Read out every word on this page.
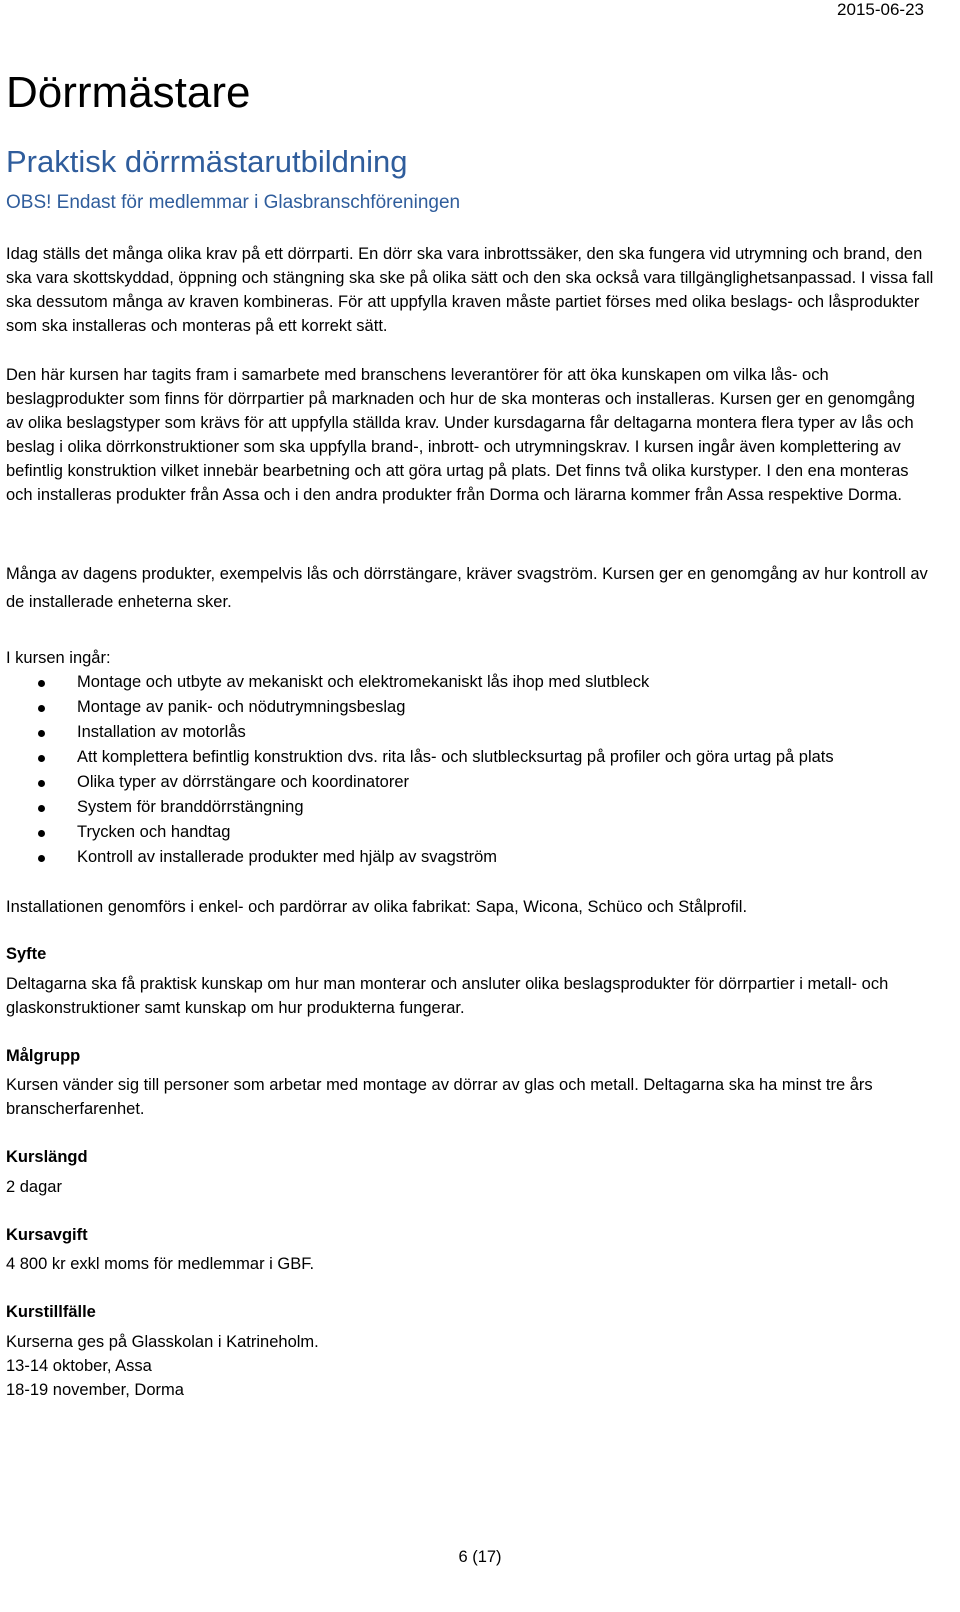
2015-06-23
Dörrmästare
Praktisk dörrmästarutbildning
OBS! Endast för medlemmar i Glasbranschföreningen

Idag ställs det många olika krav på ett dörrparti. En dörr ska vara inbrottssäker, den ska fungera vid utrymning och brand, den ska vara skottskyddad, öppning och stängning ska ske på olika sätt och den ska också vara tillgänglighetsanpassad. I vissa fall ska dessutom många av kraven kombineras. För att uppfylla kraven måste partiet förses med olika beslags- och låsprodukter som ska installeras och monteras på ett korrekt sätt.

Den här kursen har tagits fram i samarbete med branschens leverantörer för att öka kunskapen om vilka lås- och beslagprodukter som finns för dörrpartier på marknaden och hur de ska monteras och installeras. Kursen ger en genomgång av olika beslagstyper som krävs för att uppfylla ställda krav. Under kursdagarna får deltagarna montera flera typer av lås och beslag i olika dörrkonstruktioner som ska uppfylla brand-, inbrott- och utrymningskrav. I kursen ingår även komplettering av befintlig konstruktion vilket innebär bearbetning och att göra urtag på plats. Det finns två olika kurstyper. I den ena monteras och installeras produkter från Assa och i den andra produkter från Dorma och lärarna kommer från Assa respektive Dorma.

Många av dagens produkter, exempelvis lås och dörrstängare, kräver svagström. Kursen ger en genomgång av hur kontroll av de installerade enheterna sker.

I kursen ingår:
Montage och utbyte av mekaniskt och elektromekaniskt lås ihop med slutbleck
Montage av panik- och nödutrymningsbeslag
Installation av motorlås
Att komplettera befintlig konstruktion dvs. rita lås- och slutblecksurtag på profiler och göra urtag på plats
Olika typer av dörrstängare och koordinatorer
System för branddörrstängning
Trycken och handtag
Kontroll av installerade produkter med hjälp av svagström
Installationen genomförs i enkel- och pardörrar av olika fabrikat: Sapa, Wicona, Schüco och Stålprofil.
Syfte
Deltagarna ska få praktisk kunskap om hur man monterar och ansluter olika beslagsprodukter för dörrpartier i metall- och glaskonstruktioner samt kunskap om hur produkterna fungerar.
Målgrupp
Kursen vänder sig till personer som arbetar med montage av dörrar av glas och metall. Deltagarna ska ha minst tre års branscherfarenhet.
Kurslängd
2 dagar
Kursavgift
4 800 kr exkl moms för medlemmar i GBF.
Kurstillfälle

Kurserna ges på Glasskolan i Katrineholm.

13-14 oktober, Assa

18-19 november, Dorma

6 (17)
